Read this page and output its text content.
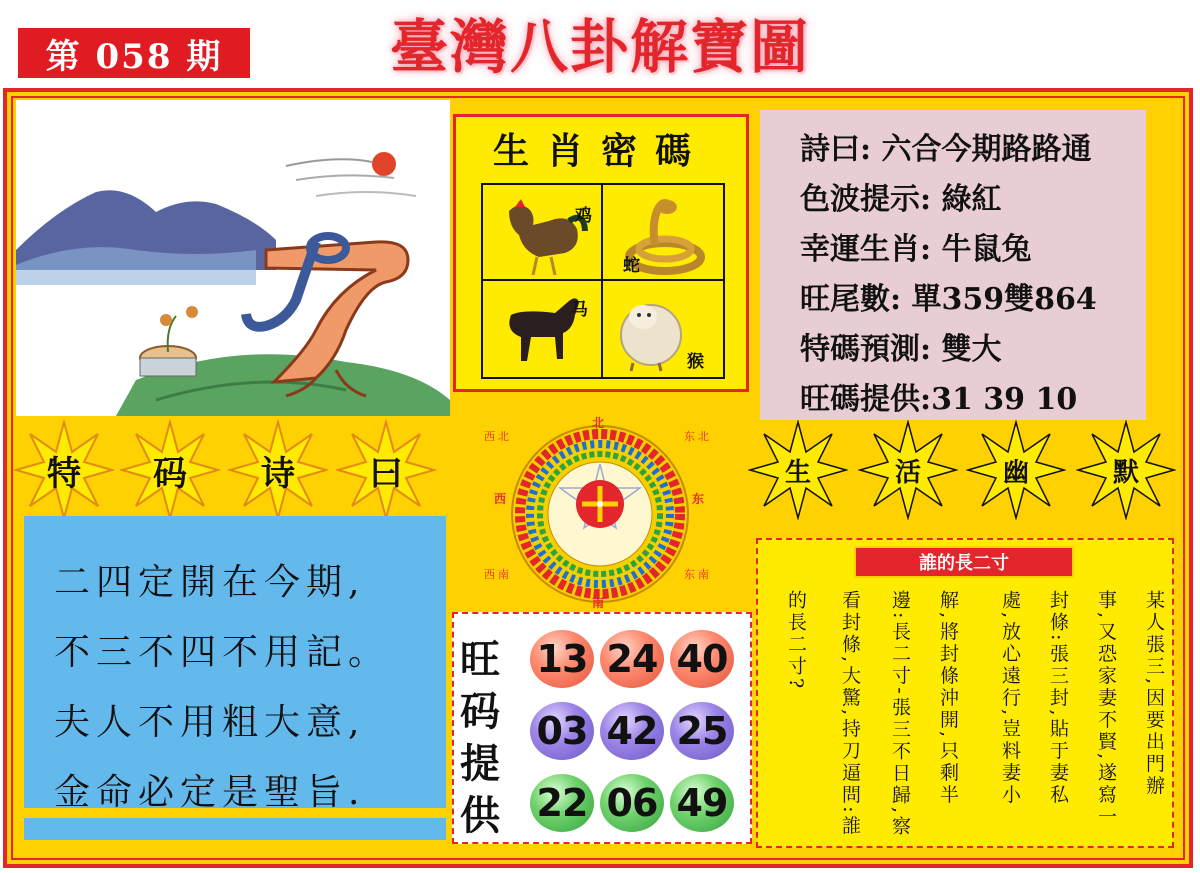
第 058 期	臺灣八卦解寶圖
生肖密碼
鸡
蛇
马
猴
詩曰: 六合今期路路通
色波提示: 綠紅
幸運生肖: 牛鼠兔
旺尾數: 單359雙864
特碼預測: 雙大
旺碼提供:31 39 10
特	码	诗	曰	生	活	幽	默
北
南
西	东
西 北	东 北
西 南	东 南
二四定開在今期,
不三不四不用記。
夫人不用粗大意,
金命必定是聖旨.
旺
码
提
供
13 24 40
03 42 25
22 06 49
誰的長二寸
某人張三,因要出門辦
事,又恐家妻不賢,遂寫一
封條:張三封,貼于妻私
處,放心遠行,豈料妻小
解,將封條沖開,只剩半
邊:長二寸-張三不日歸,察
看封條,大驚,持刀逼問:誰
的長二寸?
